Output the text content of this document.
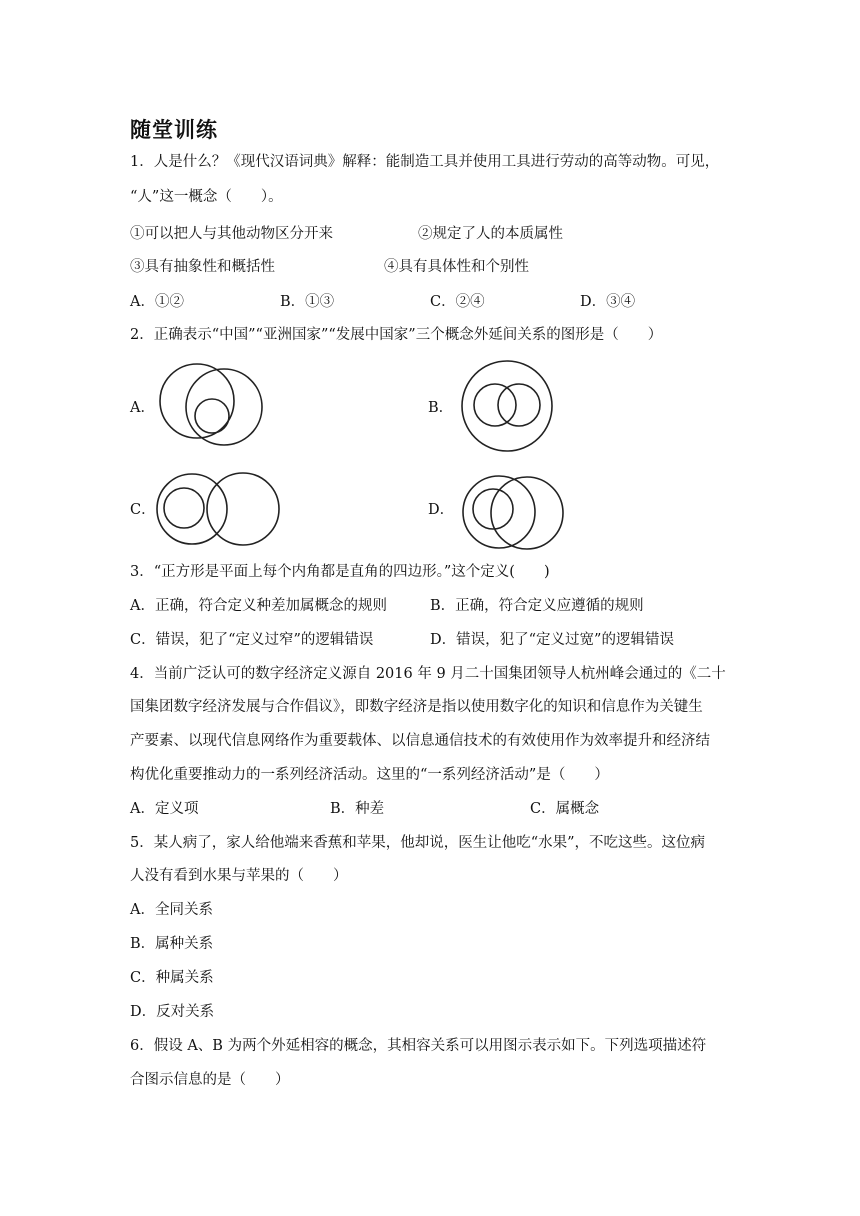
随堂训练
1．人是什么？《现代汉语词典》解释：能制造工具并使用工具进行劳动的高等动物。可见，
“人”这一概念（　　）。
①可以把人与其他动物区分开来	②规定了人的本质属性
③具有抽象性和概括性	④具有具体性和个别性
A．①②	B．①③	C．②④	D．③④
2．正确表示“中国”“亚洲国家”“发展中国家”三个概念外延间关系的图形是（　　）
A．	B．
C．	D．
3．“正方形是平面上每个内角都是直角的四边形。”这个定义(　　)
A．正确，符合定义种差加属概念的规则	B．正确，符合定义应遵循的规则
C．错误，犯了“定义过窄”的逻辑错误	D．错误，犯了“定义过宽”的逻辑错误
4．当前广泛认可的数字经济定义源自 2016 年 9 月二十国集团领导人杭州峰会通过的《二十
国集团数字经济发展与合作倡议》，即数字经济是指以使用数字化的知识和信息作为关键生
产要素、以现代信息网络作为重要载体、以信息通信技术的有效使用作为效率提升和经济结
构优化重要推动力的一系列经济活动。这里的“一系列经济活动”是（　　）
A．定义项	B．种差	C．属概念
5．某人病了，家人给他端来香蕉和苹果，他却说，医生让他吃“水果”，不吃这些。这位病
人没有看到水果与苹果的（　　）
A．全同关系
B．属种关系
C．种属关系
D．反对关系
6．假设 A、B 为两个外延相容的概念，其相容关系可以用图示表示如下。下列选项描述符
合图示信息的是（　　）
